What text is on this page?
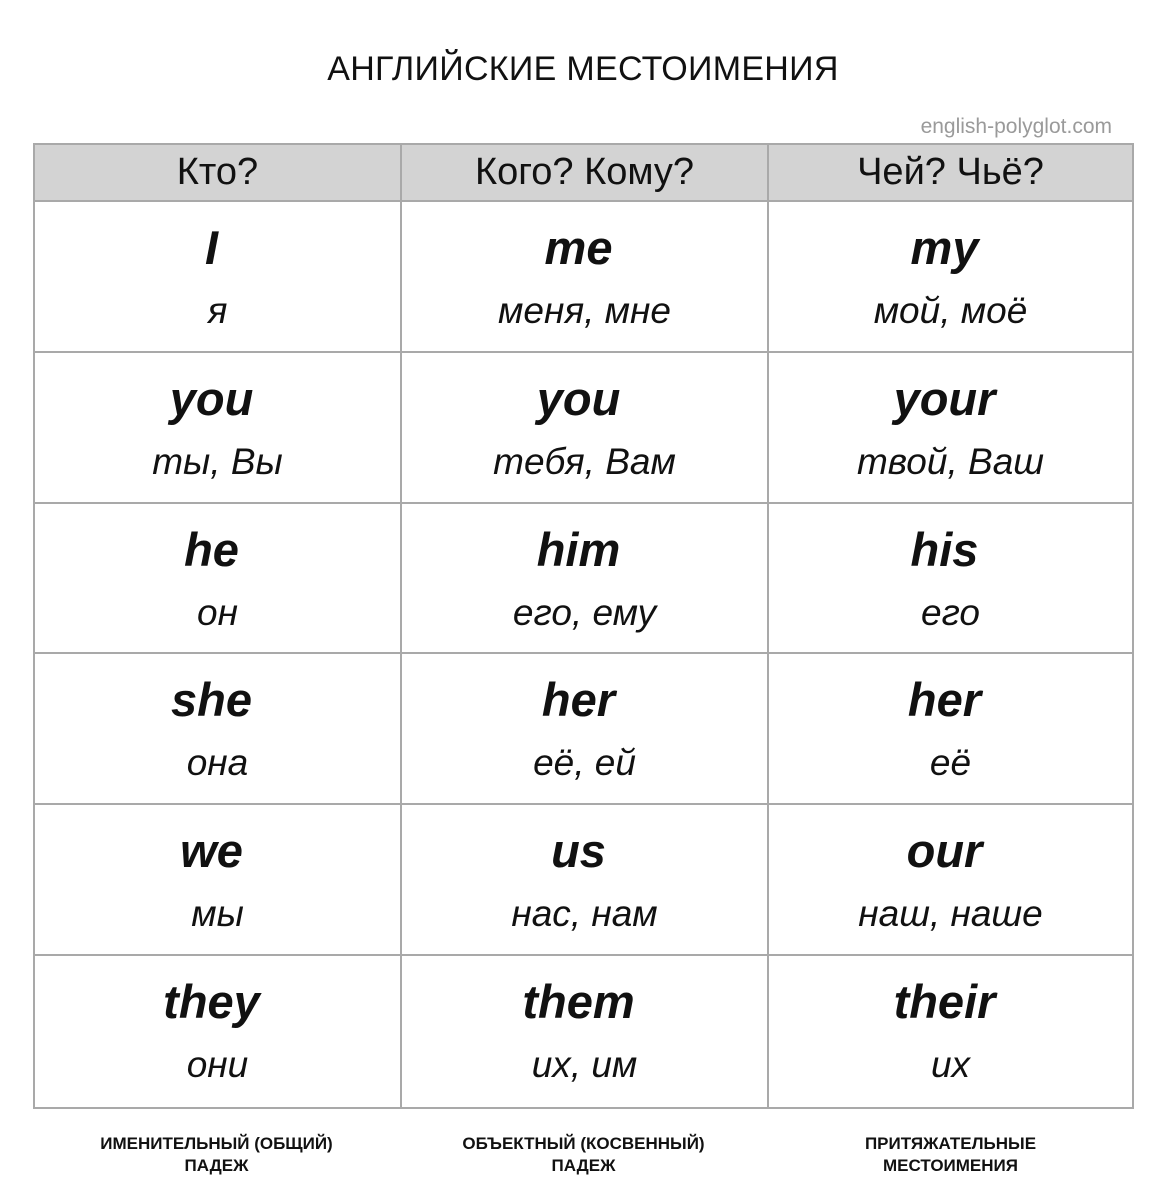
АНГЛИЙСКИЕ МЕСТОИМЕНИЯ
english-polyglot.com
Кто?	Кого? Кому?	Чей? Чьё?
I
я
me
меня, мне
my
мой, моё
you
ты, Вы
you
тебя, Вам
your
твой, Ваш
he
он
him
его, ему
his
его
she
она
her
её, ей
her
её
we
мы
us
нас, нам
our
наш, наше
they
они
them
их, им
their
их
ИМЕНИТЕЛЬНЫЙ (ОБЩИЙ)
ПАДЕЖ
ОБЪЕКТНЫЙ (КОСВЕННЫЙ)
ПАДЕЖ
ПРИТЯЖАТЕЛЬНЫЕ
МЕСТОИМЕНИЯ
